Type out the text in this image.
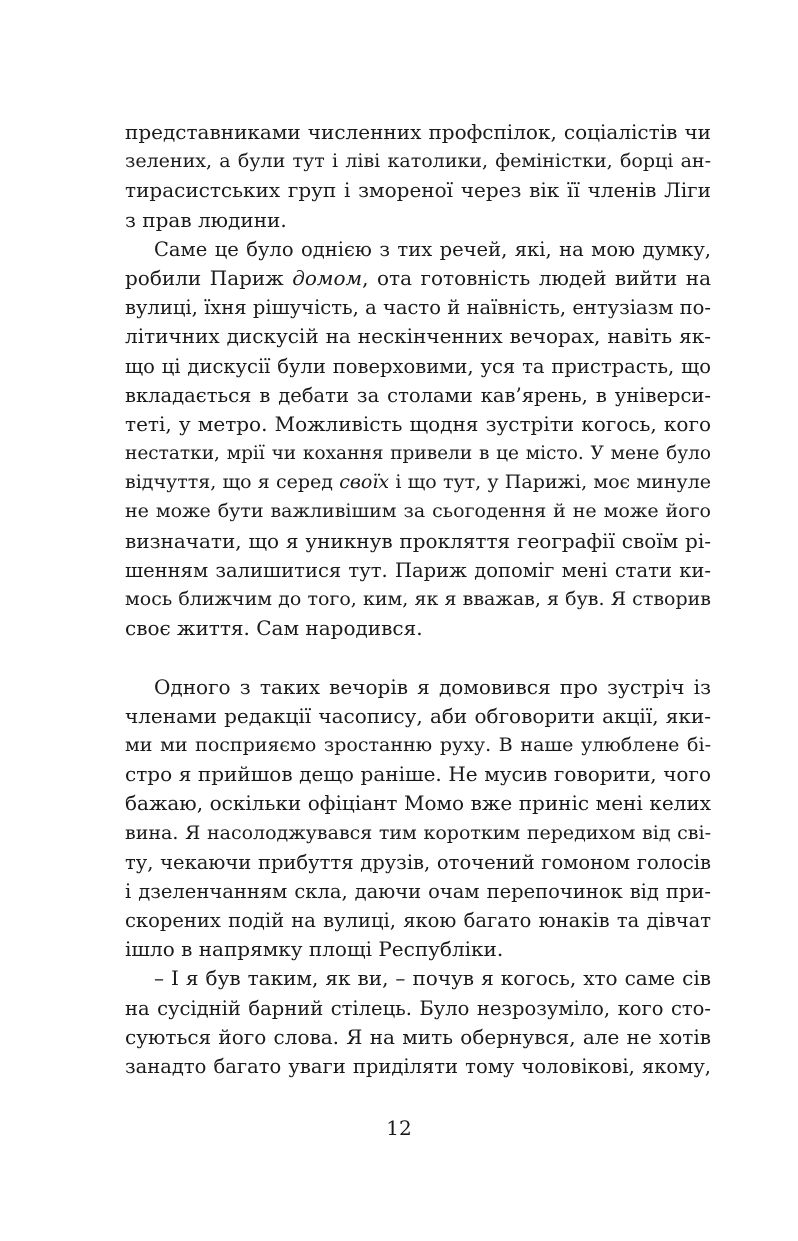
представниками численних профспілок, соціалістів чи
зелених, а були тут і ліві католики, феміністки, борці ан-
тирасистських груп і змореної через вік її членів Ліги
з прав людини.
Саме це було однією з тих речей, які, на мою думку,
робили Париж домом, ота готовність людей вийти на
вулиці, їхня рішучість, а часто й наївність, ентузіазм по-
літичних дискусій на нескінченних вечорах, навіть як-
що ці дискусії були поверховими, уся та пристрасть, що
вкладається в дебати за столами кав’ярень, в універси-
теті, у метро. Можливість щодня зустріти когось, кого
нестатки, мрії чи кохання привели в це місто. У мене було
відчуття, що я серед своїх і що тут, у Парижі, моє минуле
не може бути важливішим за сьогодення й не може його
визначати, що я уникнув прокляття географії своїм рі-
шенням залишитися тут. Париж допоміг мені стати ки-
мось ближчим до того, ким, як я вважав, я був. Я створив
своє життя. Сам народився.
Одного з таких вечорів я домовився про зустріч із
членами редакції часопису, аби обговорити акції, яки-
ми ми посприяємо зростанню руху. В наше улюблене бі-
стро я прийшов дещо раніше. Не мусив говорити, чого
бажаю, оскільки офіціант Момо вже приніс мені келих
вина. Я насолоджувався тим коротким передихом від сві-
ту, чекаючи прибуття друзів, оточений гомоном голосів
і дзеленчанням скла, даючи очам перепочинок від при-
скорених подій на вулиці, якою багато юнаків та дівчат
ішло в напрямку площі Республіки.
– І я був таким, як ви, – почув я когось, хто саме сів
на сусідній барний стілець. Було незрозуміло, кого сто-
суються його слова. Я на мить обернувся, але не хотів
занадто багато уваги приділяти тому чоловікові, якому,
12
